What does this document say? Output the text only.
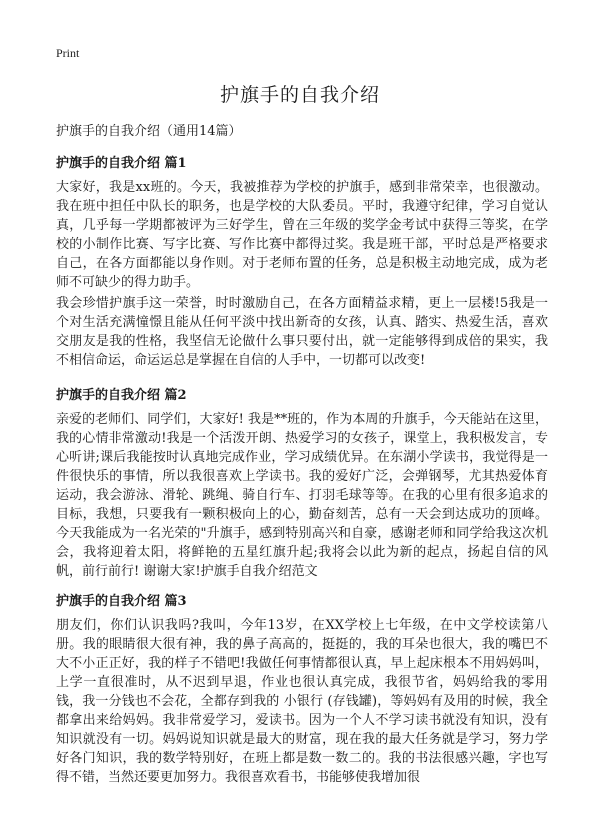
Print
护旗手的自我介绍
护旗手的自我介绍（通用14篇）
护旗手的自我介绍 篇1

大家好，我是xx班的。今天，我被推荐为学校的护旗手，感到非常荣幸，也很激动。我在班中担任中队长的职务，也是学校的大队委员。平时，我遵守纪律，学习自觉认真，几乎每一学期都被评为三好学生，曾在三年级的奖学金考试中获得三等奖，在学校的小制作比赛、写字比赛、写作比赛中都得过奖。我是班干部，平时总是严格要求自己，在各方面都能以身作则。对于老师布置的任务，总是积极主动地完成，成为老师不可缺少的得力助手。

我会珍惜护旗手这一荣誉，时时激励自己，在各方面精益求精，更上一层楼!5我是一个对生活充满憧憬且能从任何平淡中找出新奇的女孩，认真、踏实、热爱生活，喜欢交朋友是我的性格，我坚信无论做什么事只要付出，就一定能够得到成倍的果实，我不相信命运，命运运总是掌握在自信的人手中，一切都可以改变!

护旗手的自我介绍 篇2

亲爱的老师们、同学们，大家好! 我是**班的，作为本周的升旗手，今天能站在这里，我的心情非常激动!我是一个活泼开朗、热爱学习的女孩子，课堂上，我积极发言，专心听讲;课后我能按时认真地完成作业，学习成绩优异。在东湖小学读书，我觉得是一件很快乐的事情，所以我很喜欢上学读书。我的爱好广泛，会弹钢琴，尤其热爱体育运动，我会游泳、滑轮、跳绳、骑自行车、打羽毛球等等。在我的心里有很多追求的目标，我想，只要我有一颗积极向上的心，勤奋刻苦，总有一天会到达成功的顶峰。今天我能成为一名光荣的"升旗手，感到特别高兴和自豪，感谢老师和同学给我这次机会，我将迎着太阳，将鲜艳的五星红旗升起;我将会以此为新的起点，扬起自信的风帆，前行前行! 谢谢大家!护旗手自我介绍范文

护旗手的自我介绍 篇3

朋友们，你们认识我吗?我叫，今年13岁，在XX学校上七年级，在中文学校读第八册。我的眼睛很大很有神，我的鼻子高高的，挺挺的，我的耳朵也很大，我的嘴巴不大不小正正好，我的样子不错吧!我做任何事情都很认真，早上起床根本不用妈妈叫，上学一直很准时，从不迟到早退，作业也很认真完成，我很节省，妈妈给我的零用钱，我一分钱也不会花，全都存到我的 小银行 (存钱罐)，等妈妈有及用的时候，我全都拿出来给妈妈。我非常爱学习，爱读书。因为一个人不学习读书就没有知识，没有知识就没有一切。妈妈说知识就是最大的财富，现在我的最大任务就是学习，努力学好各门知识，我的数学特别好，在班上都是数一数二的。我的书法很感兴趣，字也写得不错，当然还要更加努力。我很喜欢看书，书能够使我增加很
